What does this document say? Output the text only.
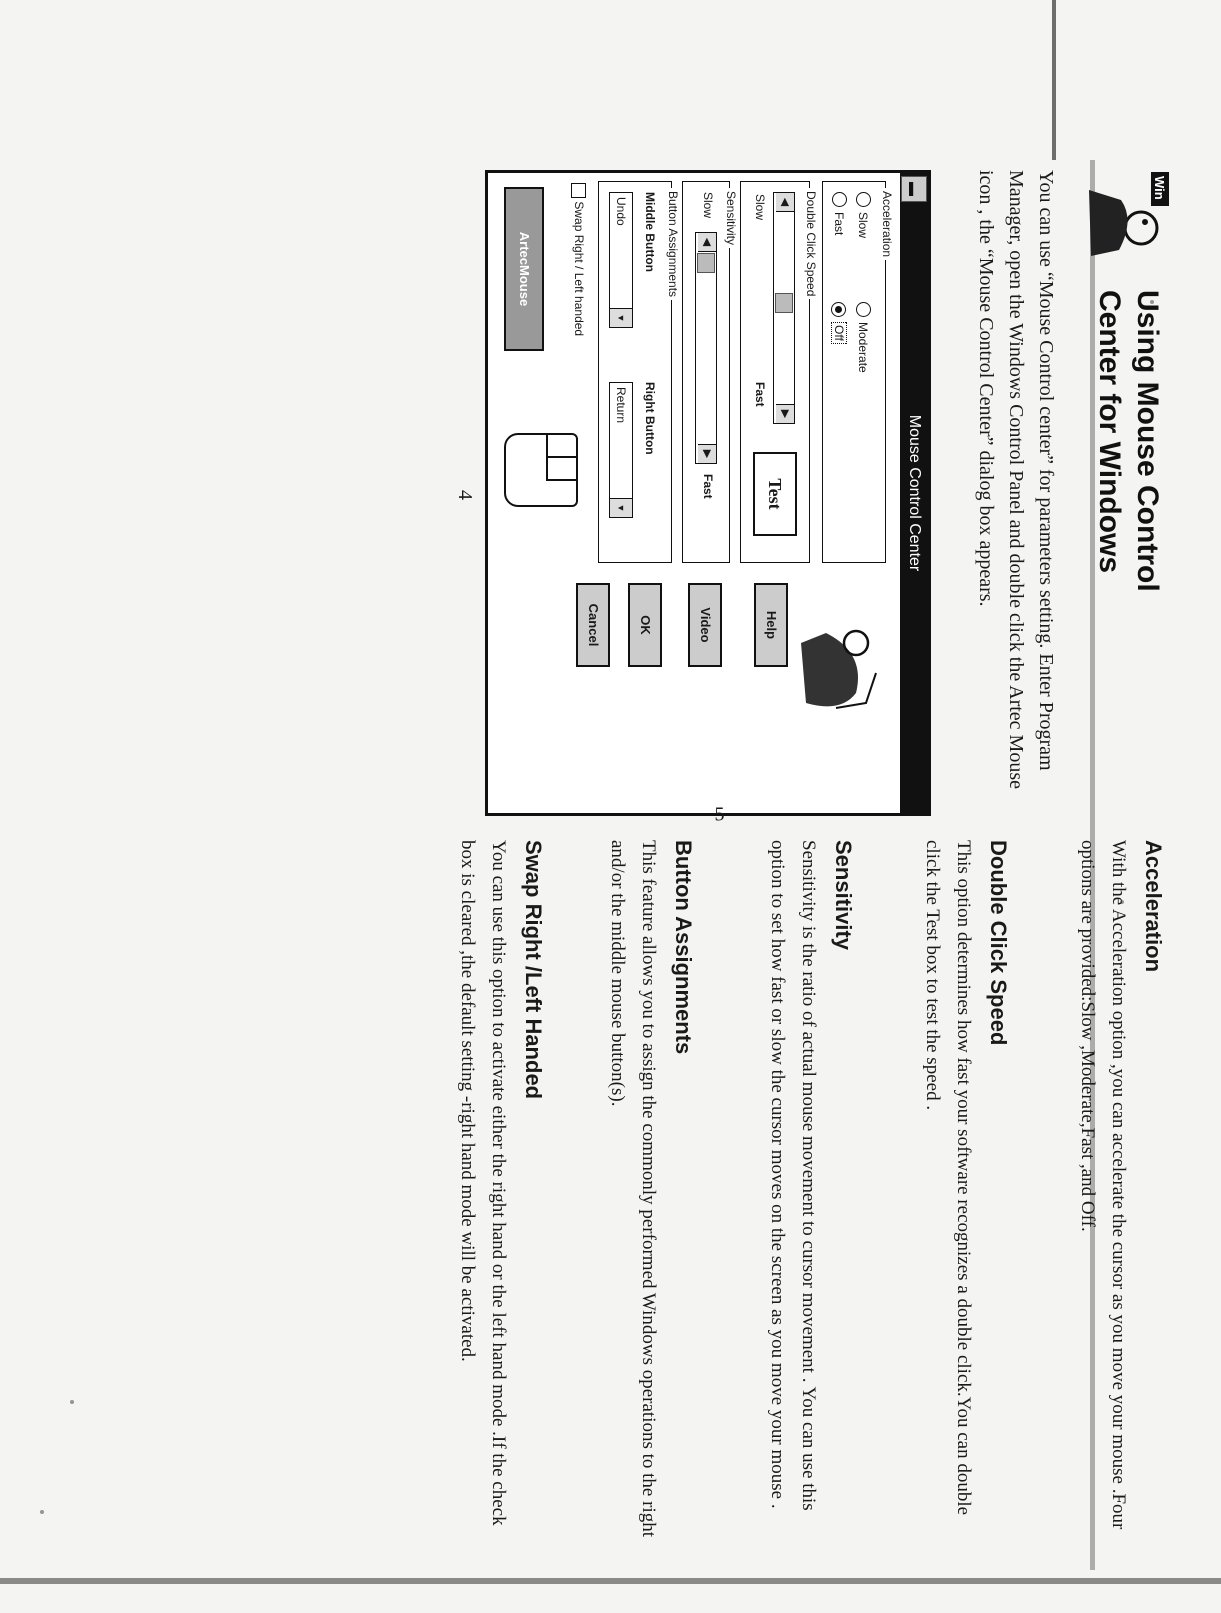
Win
Using Mouse Control
Center for Windows
You can use “Mouse Control center” for parameters setting. Enter Program Manager, open the Windows Control Panel and double click the Artec Mouse icon , the “Mouse Control Center” dialog box appears.
▬
Mouse Control Center
Acceleration
Slow
Moderate
Fast
Off
Double Click Speed
◀
▶
Slow
Fast
Test
Help
Sensitivity
Slow
◀
▶
Fast
Video
Button Assignments
Middle Button
Right Button
Undo
▼
Return
▼
OK
Cancel
Swap Right / Left handed
ArtecMouse
4
Acceleration

With the Acceleration option ,you can accelerate the cursor as you move your mouse .Four options are provided:Slow ,Moderate,Fast ,and Off.

Double Click Speed

This option determines how fast your software recognizes a double click.You can double click the Test box to test the speed .

Sensitivity

Sensitivity is the ratio of actual mouse movement to cursor movement . You can use this option to set how fast or slow the cursor moves on the screen as you move your mouse .

Button Assignments

This feature allows you to assign the commonly performed Windows operations to the right and/or the middle mouse button(s).

Swap Right /Left Handed

You can use this option to activate either the right hand or the left hand mode .If the check box is cleared ,the default setting -right hand mode will be activated.

5
